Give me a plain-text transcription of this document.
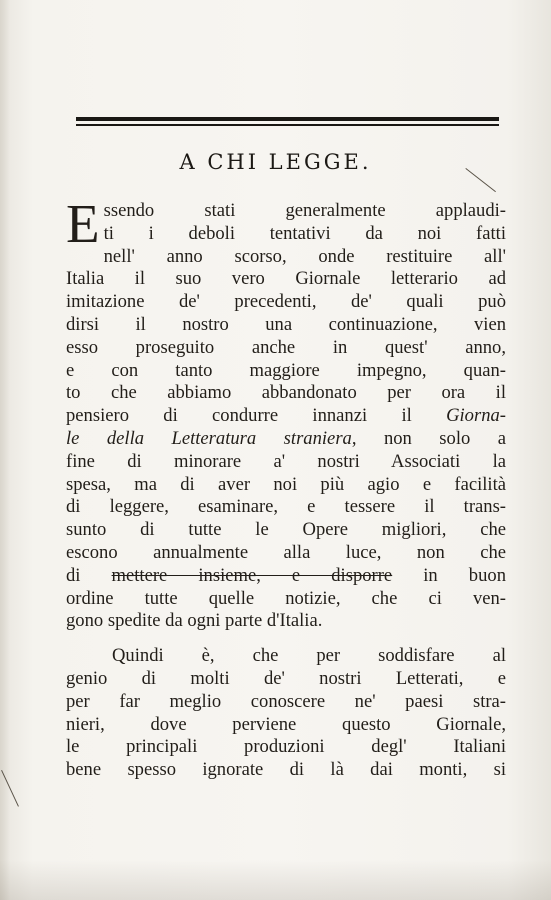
A CHI LEGGE.
E ssendo stati generalmente applaudi-
ti i deboli tentativi da noi fatti
nell' anno scorso, onde restituire all'
Italia il suo vero Giornale letterario ad
imitazione de' precedenti, de' quali può
dirsi il nostro una continuazione, vien
esso proseguito anche in quest' anno,
e con tanto maggiore impegno, quan-
to che abbiamo abbandonato per ora il
pensiero di condurre innanzi il Giorna-
le della Letteratura straniera, non solo a
fine di minorare a' nostri Associati la
spesa, ma di aver noi più agio e facilità
di leggere, esaminare, e tessere il trans-
sunto di tutte le Opere migliori, che
escono annualmente alla luce, non che
di mettere insieme, e disporre in buon
ordine tutte quelle notizie, che ci ven-
gono spedite da ogni parte d'Italia.
Quindi è, che per soddisfare al
genio di molti de' nostri Letterati, e
per far meglio conoscere ne' paesi stra-
nieri, dove perviene questo Giornale,
le principali produzioni degl' Italiani
bene spesso ignorate di là dai monti, si
